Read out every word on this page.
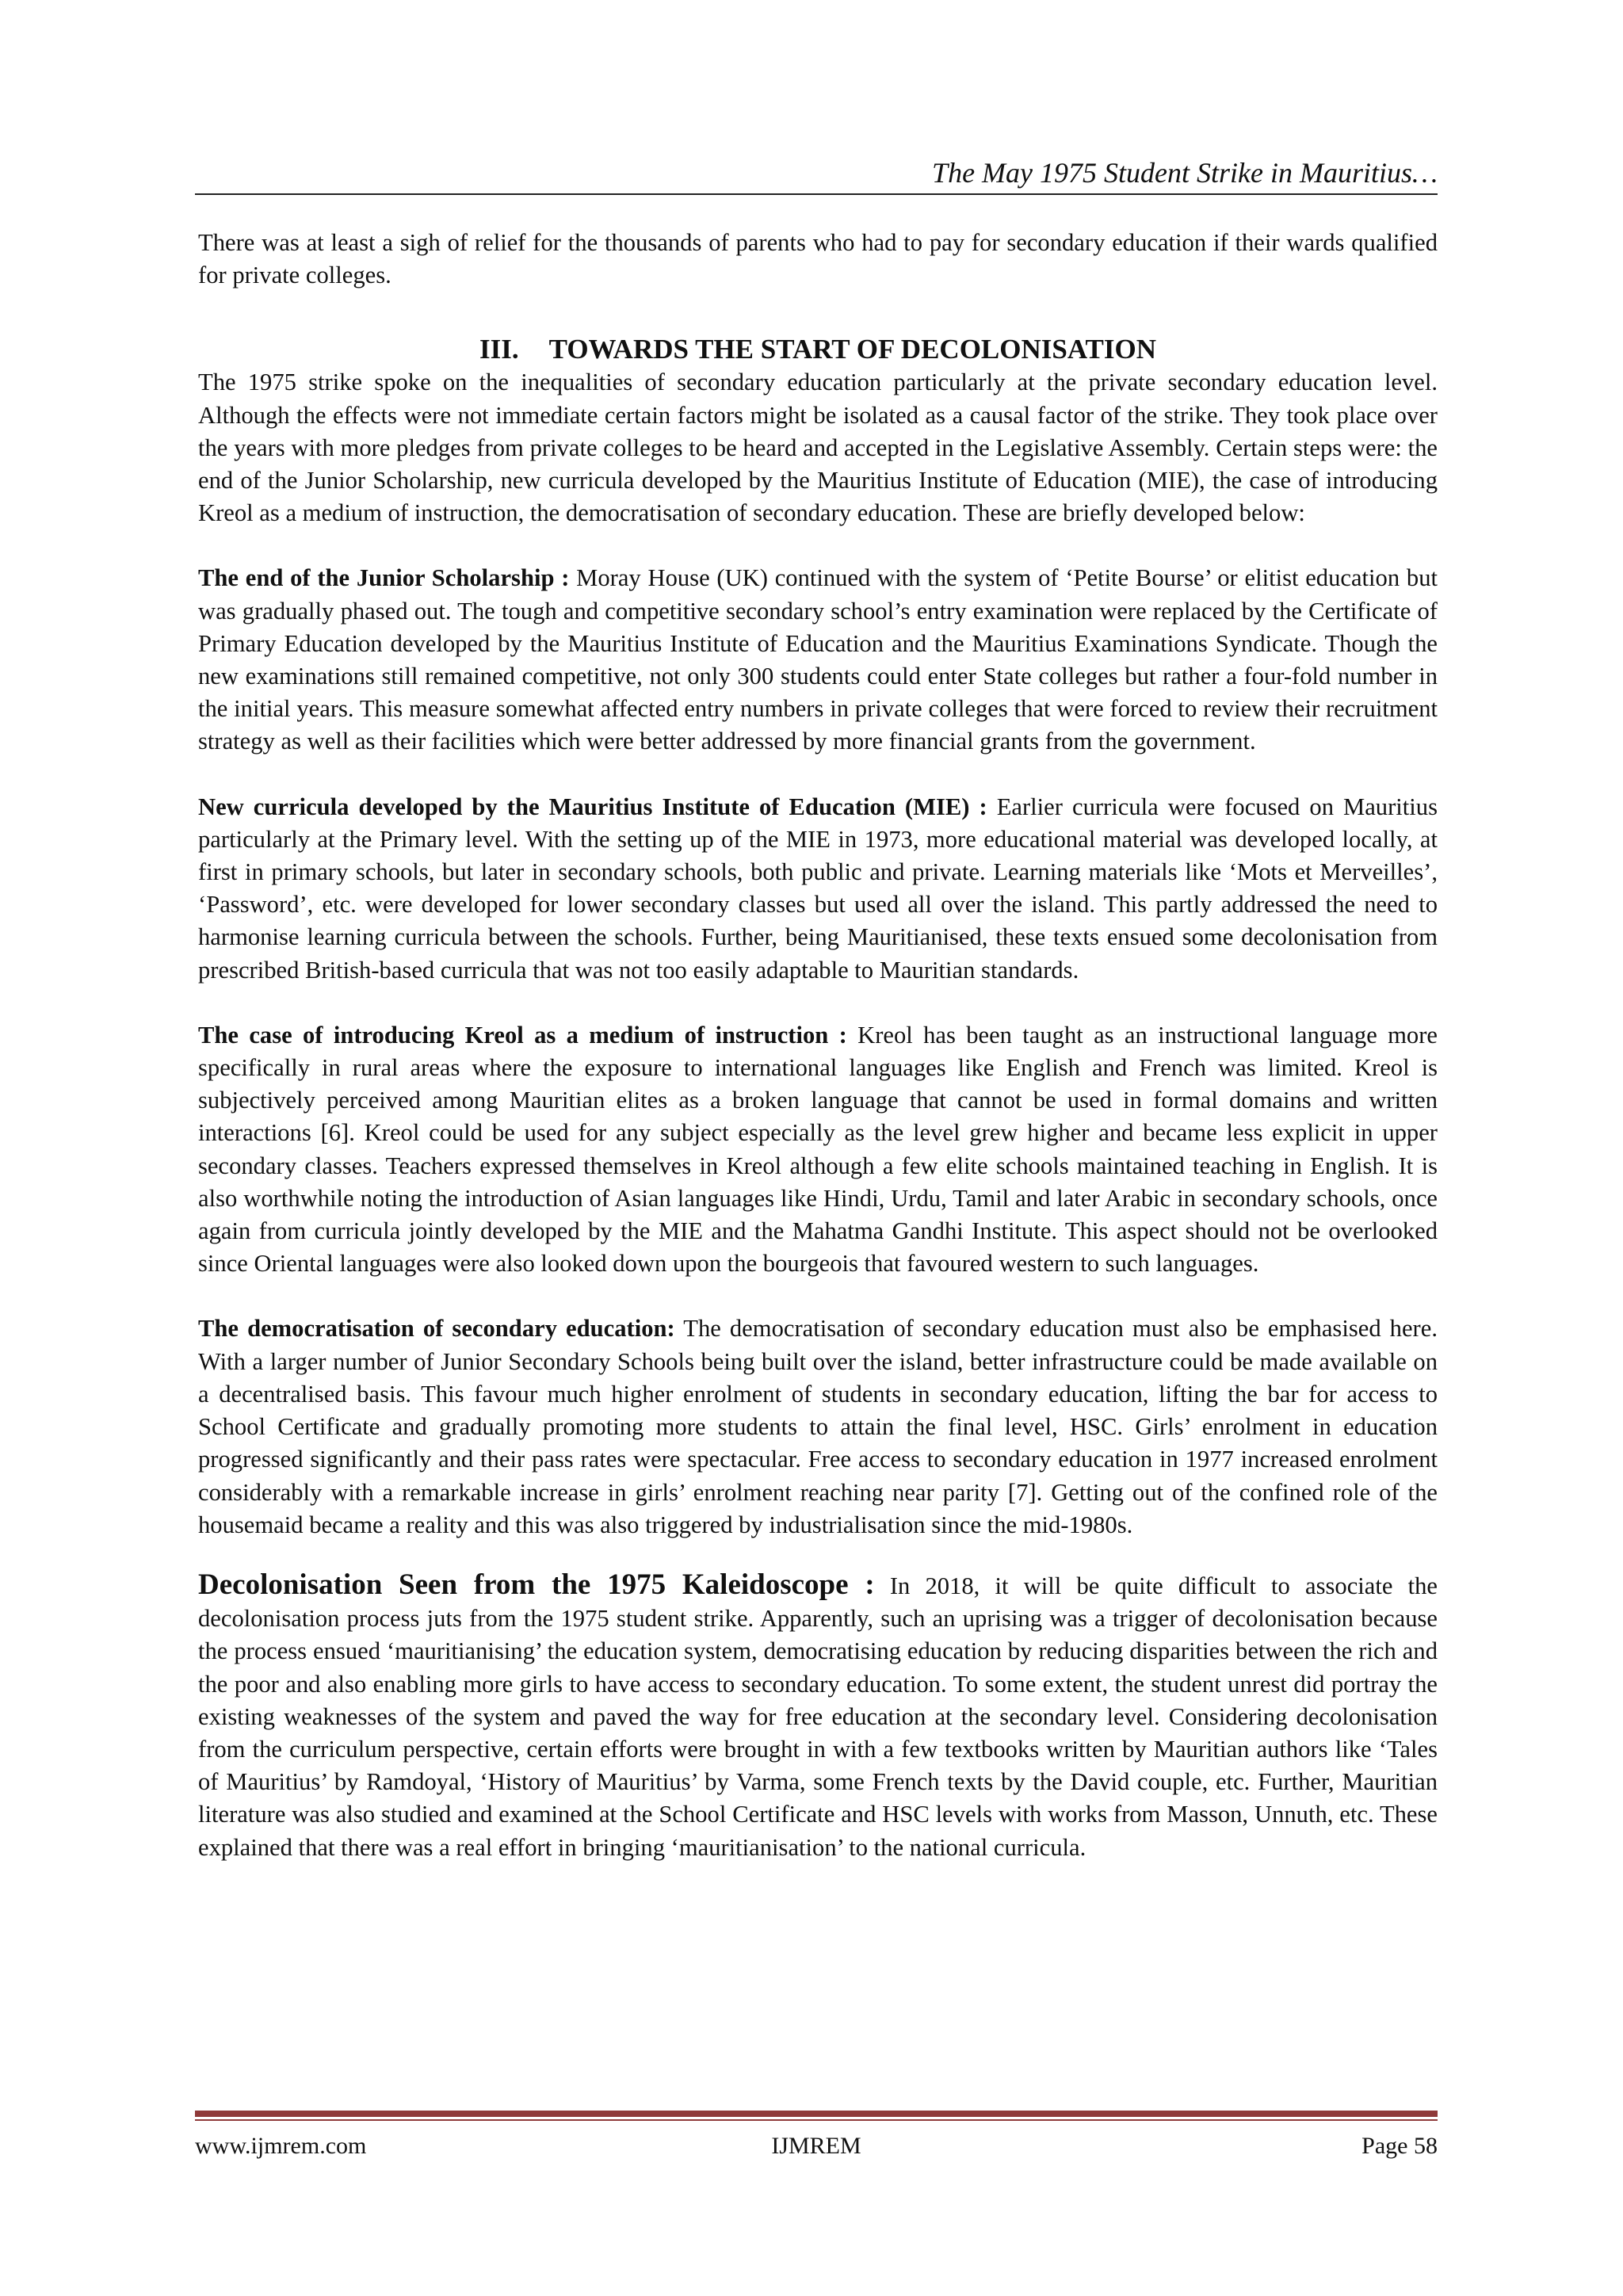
The May 1975 Student Strike in Mauritius…

There was at least a sigh of relief for the thousands of parents who had to pay for secondary education if their wards qualified for private colleges.

III. TOWARDS THE START OF DECOLONISATION

The 1975 strike spoke on the inequalities of secondary education particularly at the private secondary education level. Although the effects were not immediate certain factors might be isolated as a causal factor of the strike. They took place over the years with more pledges from private colleges to be heard and accepted in the Legislative Assembly. Certain steps were: the end of the Junior Scholarship, new curricula developed by the Mauritius Institute of Education (MIE), the case of introducing Kreol as a medium of instruction, the democratisation of secondary education. These are briefly developed below:

The end of the Junior Scholarship : Moray House (UK) continued with the system of ‘Petite Bourse’ or elitist education but was gradually phased out. The tough and competitive secondary school’s entry examination were replaced by the Certificate of Primary Education developed by the Mauritius Institute of Education and the Mauritius Examinations Syndicate. Though the new examinations still remained competitive, not only 300 students could enter State colleges but rather a four-fold number in the initial years. This measure somewhat affected entry numbers in private colleges that were forced to review their recruitment strategy as well as their facilities which were better addressed by more financial grants from the government.

New curricula developed by the Mauritius Institute of Education (MIE) : Earlier curricula were focused on Mauritius particularly at the Primary level. With the setting up of the MIE in 1973, more educational material was developed locally, at first in primary schools, but later in secondary schools, both public and private. Learning materials like ‘Mots et Merveilles’, ‘Password’, etc. were developed for lower secondary classes but used all over the island. This partly addressed the need to harmonise learning curricula between the schools. Further, being Mauritianised, these texts ensued some decolonisation from prescribed British-based curricula that was not too easily adaptable to Mauritian standards.

The case of introducing Kreol as a medium of instruction : Kreol has been taught as an instructional language more specifically in rural areas where the exposure to international languages like English and French was limited. Kreol is subjectively perceived among Mauritian elites as a broken language that cannot be used in formal domains and written interactions [6]. Kreol could be used for any subject especially as the level grew higher and became less explicit in upper secondary classes. Teachers expressed themselves in Kreol although a few elite schools maintained teaching in English. It is also worthwhile noting the introduction of Asian languages like Hindi, Urdu, Tamil and later Arabic in secondary schools, once again from curricula jointly developed by the MIE and the Mahatma Gandhi Institute. This aspect should not be overlooked since Oriental languages were also looked down upon the bourgeois that favoured western to such languages.

The democratisation of secondary education: The democratisation of secondary education must also be emphasised here. With a larger number of Junior Secondary Schools being built over the island, better infrastructure could be made available on a decentralised basis. This favour much higher enrolment of students in secondary education, lifting the bar for access to School Certificate and gradually promoting more students to attain the final level, HSC. Girls’ enrolment in education progressed significantly and their pass rates were spectacular. Free access to secondary education in 1977 increased enrolment considerably with a remarkable increase in girls’ enrolment reaching near parity [7]. Getting out of the confined role of the housemaid became a reality and this was also triggered by industrialisation since the mid-1980s.

Decolonisation Seen from the 1975 Kaleidoscope : In 2018, it will be quite difficult to associate the decolonisation process juts from the 1975 student strike. Apparently, such an uprising was a trigger of decolonisation because the process ensued ‘mauritianising’ the education system, democratising education by reducing disparities between the rich and the poor and also enabling more girls to have access to secondary education. To some extent, the student unrest did portray the existing weaknesses of the system and paved the way for free education at the secondary level. Considering decolonisation from the curriculum perspective, certain efforts were brought in with a few textbooks written by Mauritian authors like ‘Tales of Mauritius’ by Ramdoyal, ‘History of Mauritius’ by Varma, some French texts by the David couple, etc. Further, Mauritian literature was also studied and examined at the School Certificate and HSC levels with works from Masson, Unnuth, etc. These explained that there was a real effort in bringing ‘mauritianisation’ to the national curricula.

www.ijmrem.com	IJMREM	Page 58
